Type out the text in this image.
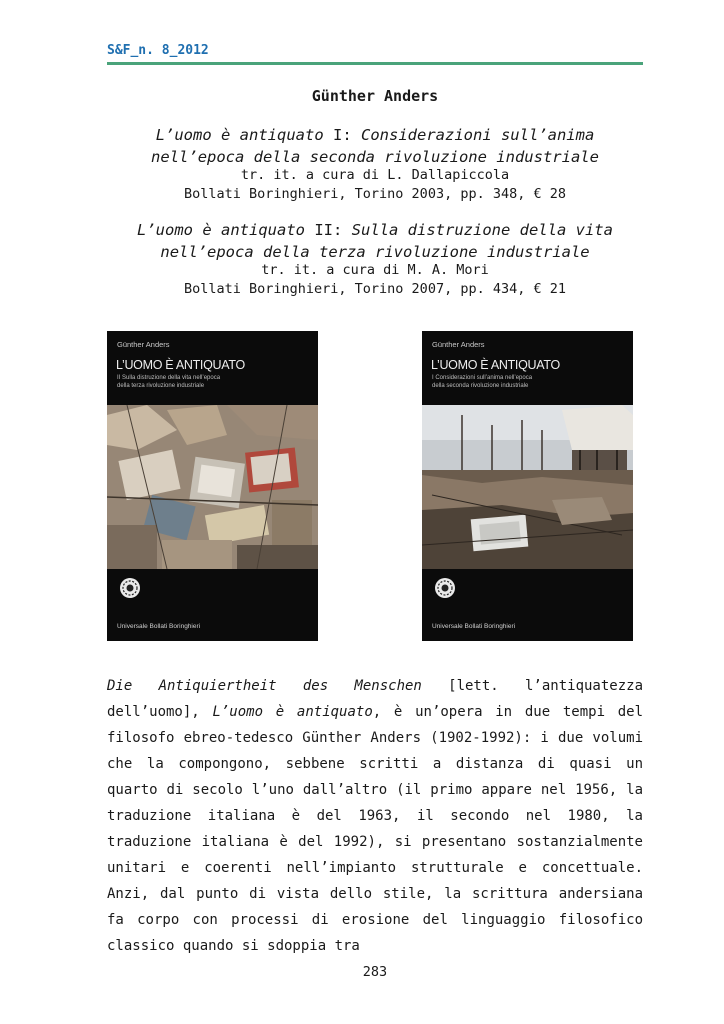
S&F_n. 8_2012
Günther Anders
L’uomo è antiquato I: Considerazioni sull’anima
nell’epoca della seconda rivoluzione industriale
tr. it. a cura di L. Dallapiccola
Bollati Boringhieri, Torino 2003, pp. 348, € 28
L’uomo è antiquato II: Sulla distruzione della vita
nell’epoca della terza rivoluzione industriale
tr. it. a cura di M. A. Mori
Bollati Boringhieri, Torino 2007, pp. 434, € 21
Günther Anders
L’UOMO È ANTIQUATO
II Sulla distruzione della vita nell’epoca
della terza rivoluzione industriale
Universale Bollati Boringhieri
Günther Anders
L’UOMO È ANTIQUATO
I Considerazioni sull’anima nell’epoca
della seconda rivoluzione industriale
Universale Bollati Boringhieri

Die Antiquiertheit des Menschen [lett. l’antiquatezza dell’uomo], L’uomo è antiquato, è un’opera in due tempi del filosofo ebreo-tedesco Günther Anders (1902-1992): i due volumi che la compongono, sebbene scritti a distanza di quasi un quarto di secolo l’uno dall’altro (il primo appare nel 1956, la traduzione italiana è del 1963, il secondo nel 1980, la traduzione italiana è del 1992), si presentano sostanzialmente unitari e coerenti nell’impianto strutturale e concettuale. Anzi, dal punto di vista dello stile, la scrittura andersiana fa corpo con processi di erosione del linguaggio filosofico classico quando si sdoppia tra

283
